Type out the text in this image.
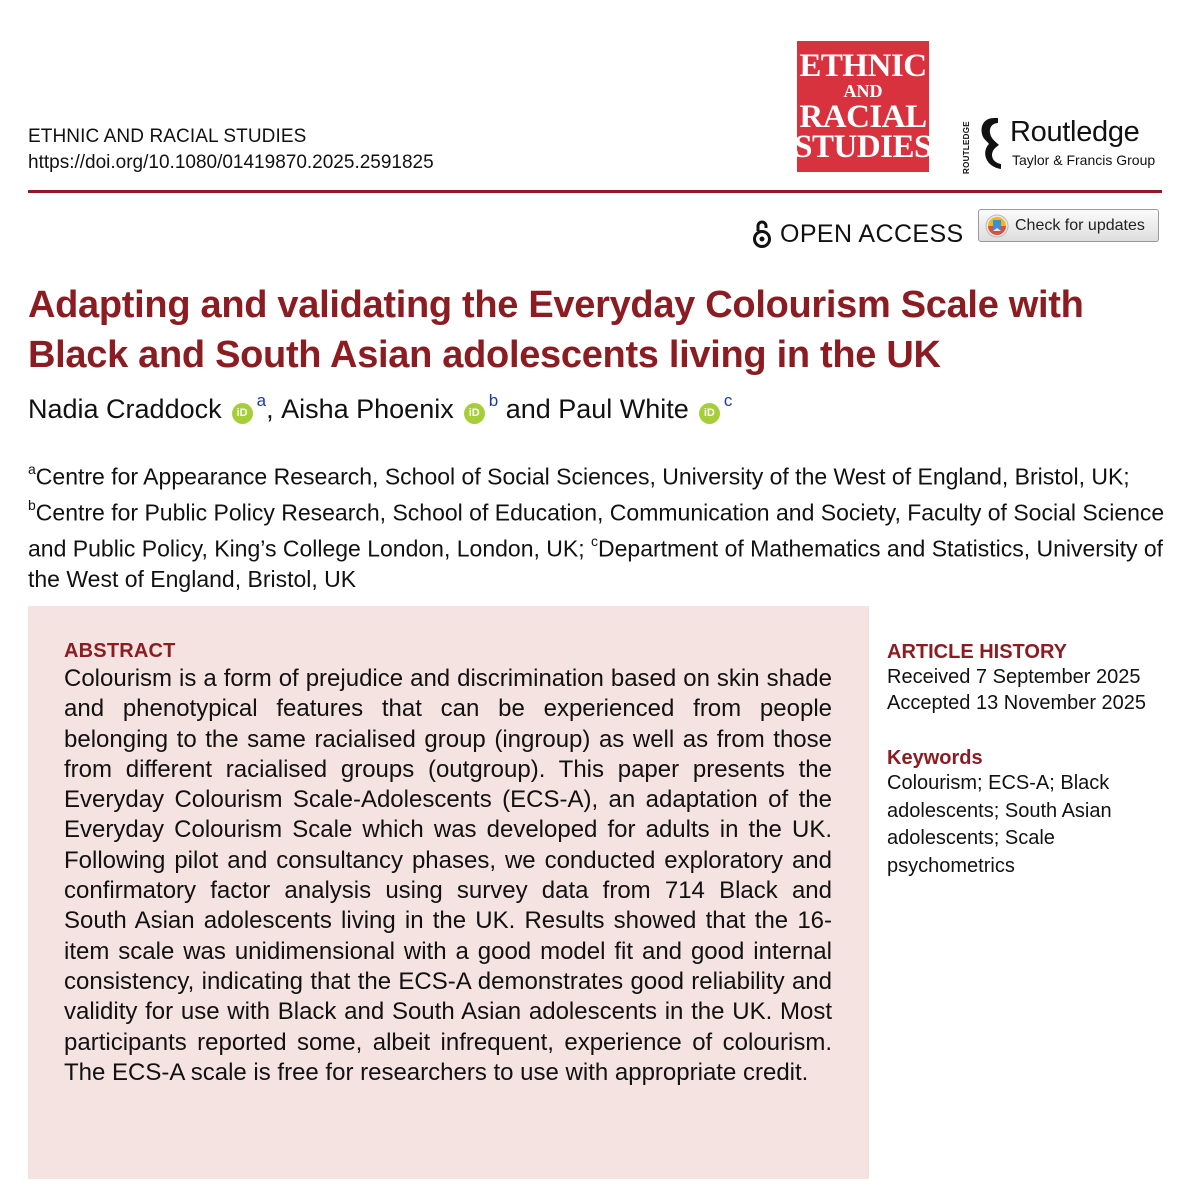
ETHNIC AND RACIAL STUDIES
https://doi.org/10.1080/01419870.2025.2591825
ETHNIC
AND
RACIAL
STUDIES	ROUTLEDGE Routledge
Taylor & Francis Group
OPEN ACCESS	Check for updates
Adapting and validating the Everyday Colourism Scale with Black and South Asian adolescents living in the UK
Nadia Craddock	iD
a , Aisha Phoenix	iD
b and Paul White	iD
c
$^a$Centre for Appearance Research, School of Social Sciences, University of the West of England, Bristol, UK; $^b$Centre for Public Policy Research, School of Education, Communication and Society, Faculty of Social Science and Public Policy, King’s College London, London, UK; $^c$Department of Mathematics and Statistics, University of the West of England, Bristol, UK
ABSTRACT

Colourism is a form of prejudice and discrimination based on skin shade and phenotypical features that can be experienced from people belonging to the same racialised group (ingroup) as well as from those from different racialised groups (outgroup). This paper presents the Everyday Colourism Scale-Adolescents (ECS-A), an adaptation of the Everyday Colourism Scale which was developed for adults in the UK. Following pilot and consultancy phases, we conducted exploratory and confirmatory factor analysis using survey data from 714 Black and South Asian adolescents living in the UK. Results showed that the 16-item scale was unidimensional with a good model fit and good internal consistency, indicating that the ECS-A demonstrates good reliability and validity for use with Black and South Asian adolescents in the UK. Most participants reported some, albeit infrequent, experience of colourism. The ECS-A scale is free for researchers to use with appropriate credit.

ARTICLE HISTORY
Received 7 September 2025
Accepted 13 November 2025
Keywords
Colourism; ECS-A; Black adolescents; South Asian adolescents; Scale psychometrics
